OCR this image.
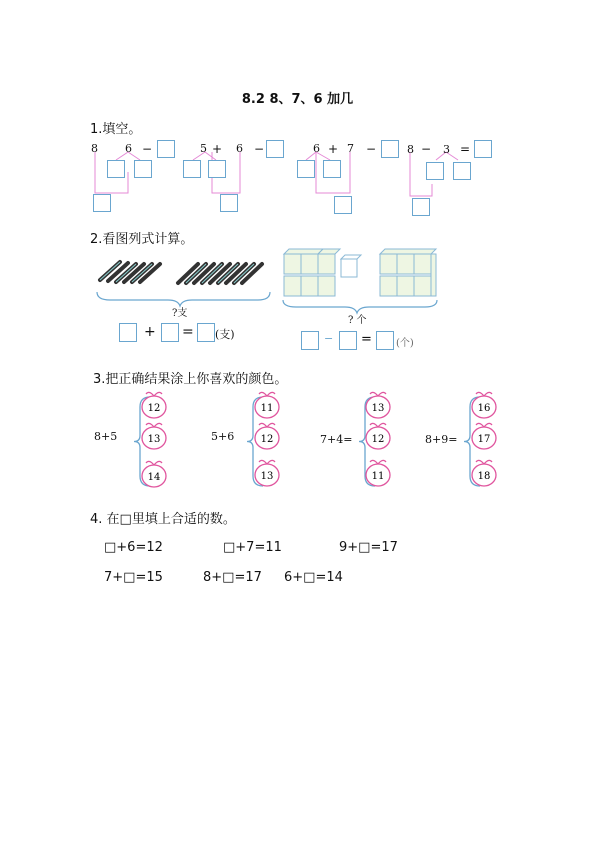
8.2 8、7、6 加几
1.填空。
8 6 −	5 + 6 −	6 + 7 −	8 − 3 =
2.看图列式计算。
?支
? 个
+ = (支)	− = (个)
3.把正确结果涂上你喜欢的颜色。
12
13
14
11
12
13
13
12
11
16
17
18
8+5	5+6	7+4=	8+9=
4. 在□里填上合适的数。
□+6=12	□+7=11	9+□=17
7+□=15	8+□=17 6+□=14
